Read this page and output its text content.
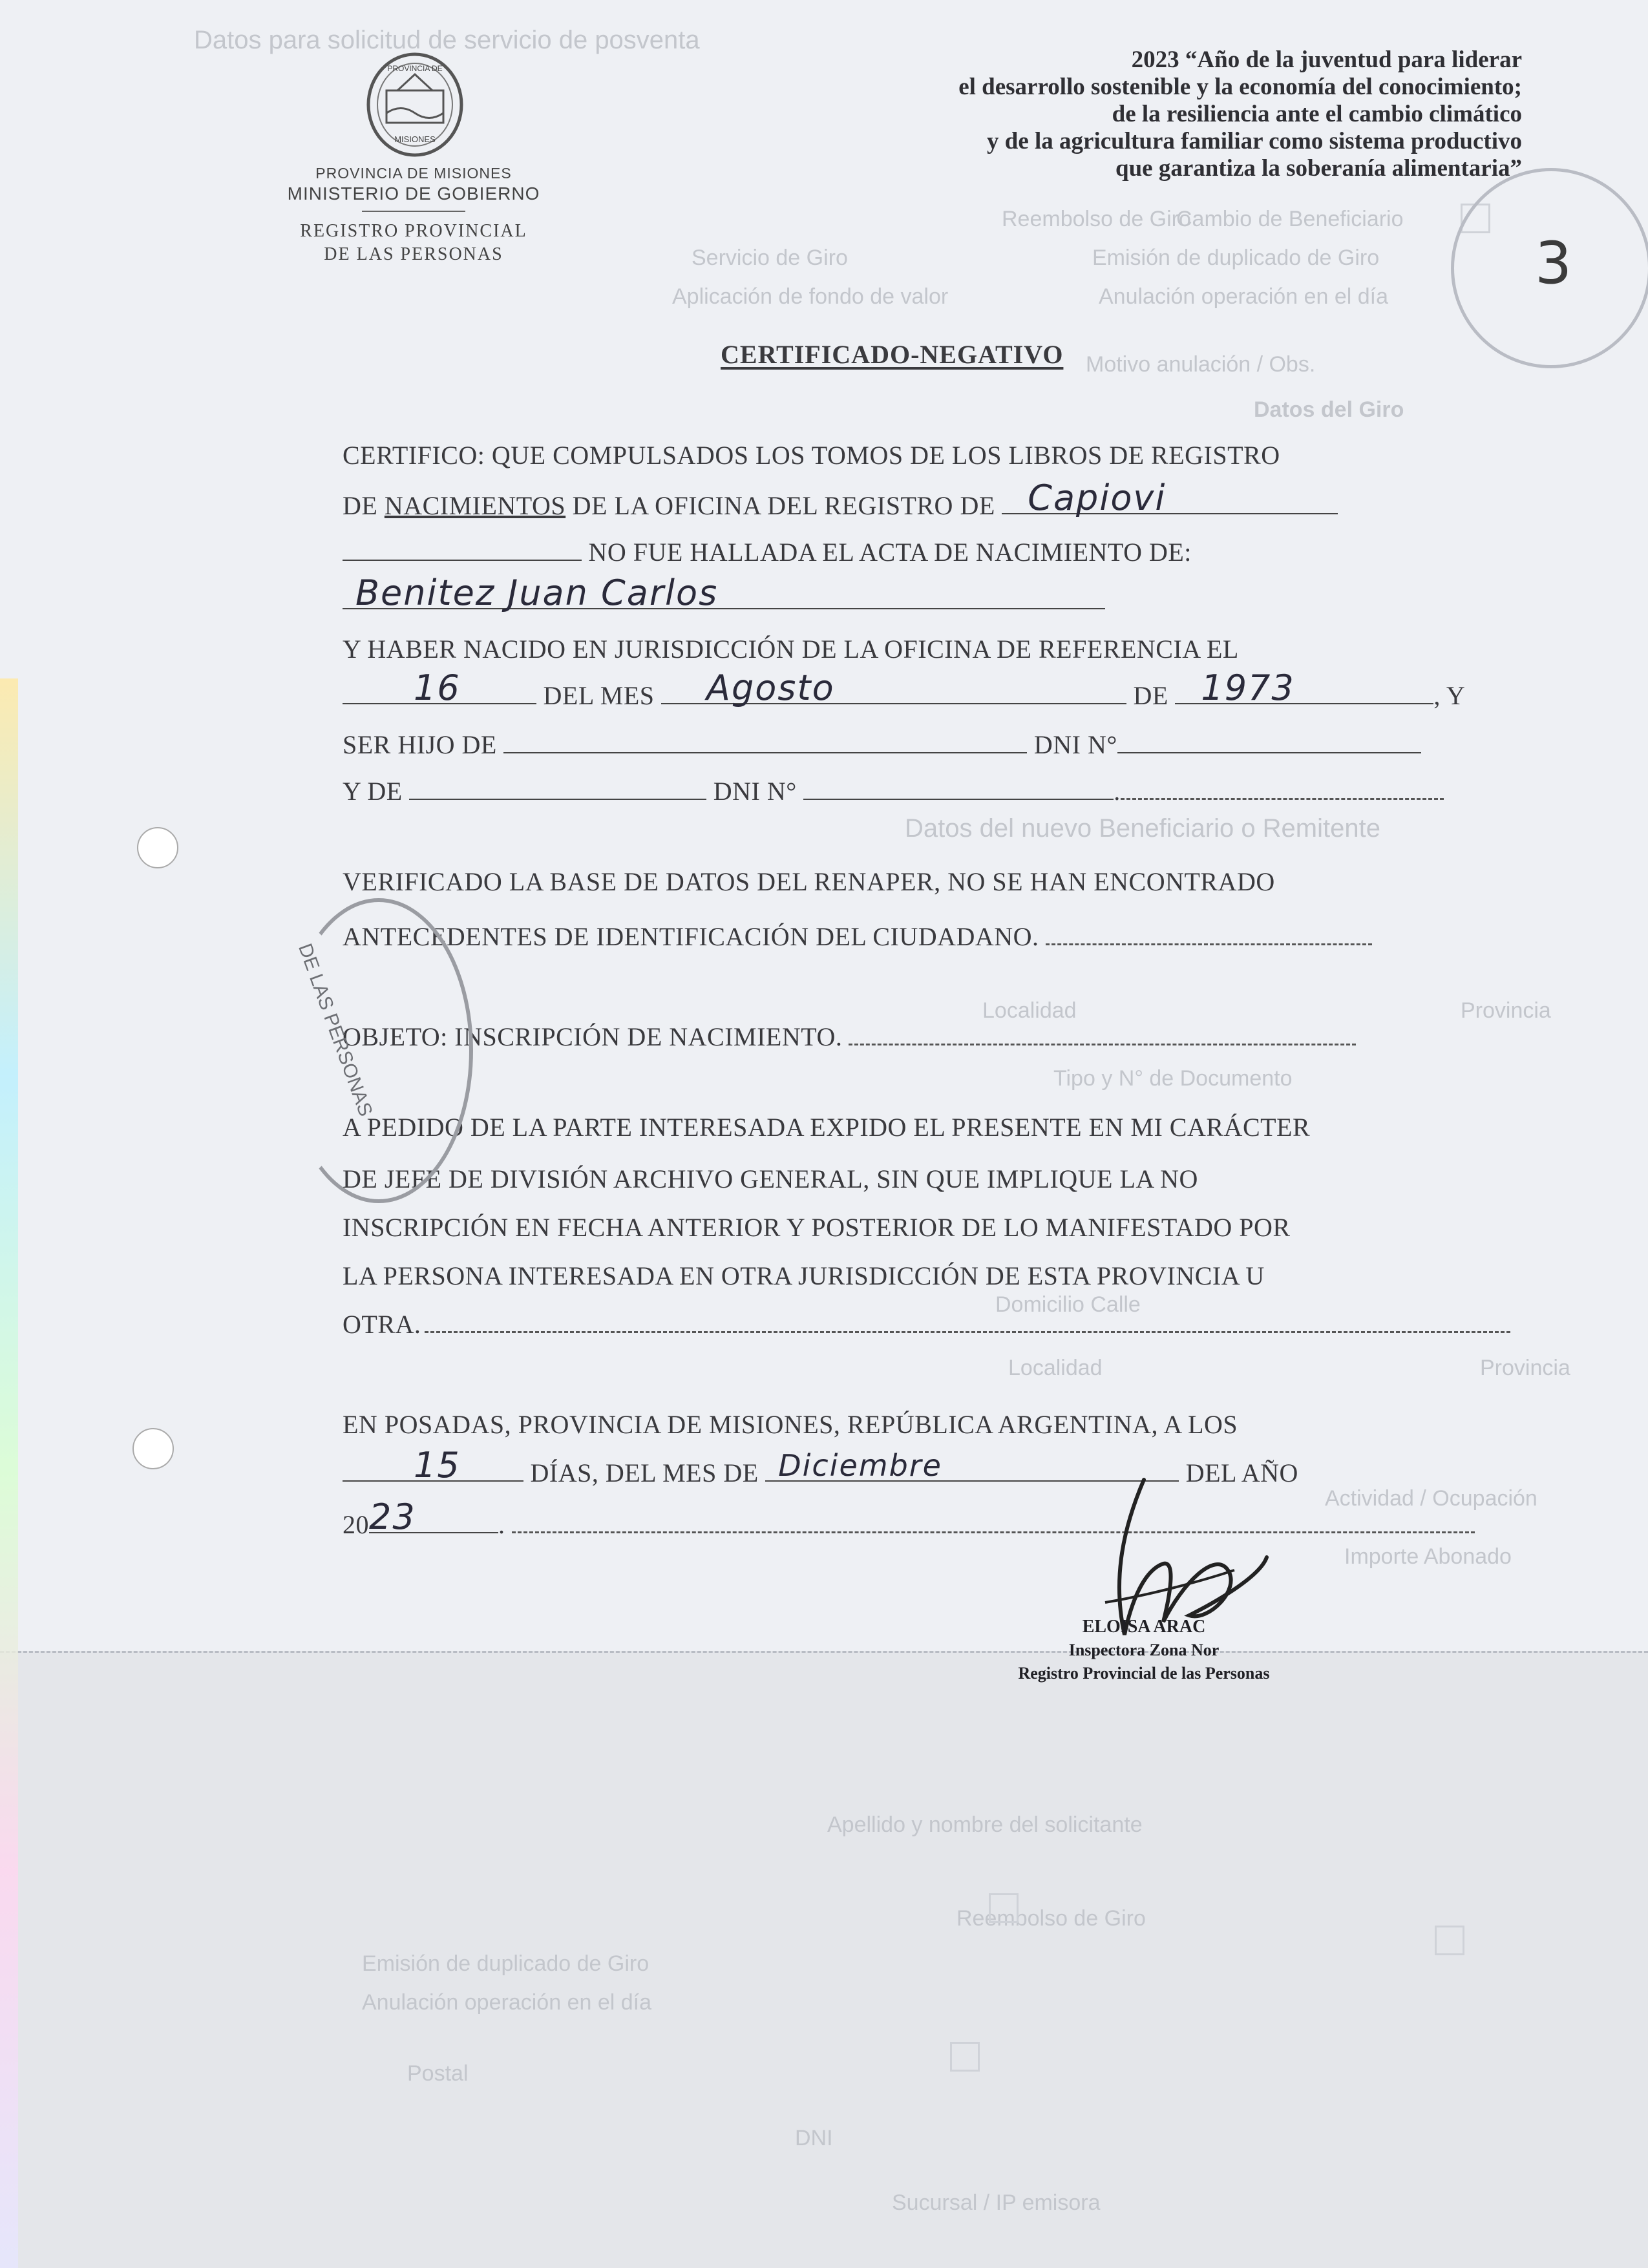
Datos para solicitud de servicio de posventa
Cambio de Beneficiario
Emisión de duplicado de Giro
Anulación operación en el día
Reembolso de Giro
Servicio de Giro
Aplicación de fondo de valor
Motivo anulación / Obs.
Datos del Giro
Datos del nuevo Beneficiario o Remitente
Localidad	Provincia
Tipo y N° de Documento
Domicilio Calle
Localidad	Provincia
Actividad / Ocupación
Importe Abonado
Apellido y nombre del solicitante
Reembolso de Giro
Emisión de duplicado de Giro
Anulación operación en el día
Postal
DNI
Sucursal / IP emisora
PROVINCIA DE
MISIONES
PROVINCIA DE MISIONES
MINISTERIO DE GOBIERNO
REGISTRO PROVINCIAL
DE LAS PERSONAS
2023 “Año de la juventud para liderar
el desarrollo sostenible y la economía del conocimiento;
de la resiliencia ante el cambio climático
y de la agricultura familiar como sistema productivo
que garantiza la soberanía alimentaria”
3
CERTIFICADO-NEGATIVO
CERTIFICO: QUE COMPULSADOS LOS TOMOS DE LOS LIBROS DE REGISTRO
DE NACIMIENTOS DE LA OFICINA DEL REGISTRO DE Capiovi
NO FUE HALLADA EL ACTA DE NACIMIENTO DE:
Benitez Juan Carlos
Y HABER NACIDO EN JURISDICCIÓN DE LA OFICINA DE REFERENCIA EL
16	DEL MES Agosto	DE 1973	, Y
SER HIJO DE	DNI N°
Y DE	DNI N°	.
VERIFICADO LA BASE DE DATOS DEL RENAPER, NO SE HAN ENCONTRADO
ANTECEDENTES DE IDENTIFICACIÓN DEL CIUDADANO.
OBJETO: INSCRIPCIÓN DE NACIMIENTO.
A PEDIDO DE LA PARTE INTERESADA EXPIDO EL PRESENTE EN MI CARÁCTER
DE JEFE DE DIVISIÓN ARCHIVO GENERAL, SIN QUE IMPLIQUE LA NO
INSCRIPCIÓN EN FECHA ANTERIOR Y POSTERIOR DE LO MANIFESTADO POR
LA PERSONA INTERESADA EN OTRA JURISDICCIÓN DE ESTA PROVINCIA U
OTRA.
EN POSADAS, PROVINCIA DE MISIONES, REPÚBLICA ARGENTINA, A LOS
15 DÍAS, DEL MES DE Diciembre	DEL AÑO
20 23	.
DE LAS PERSONAS
ELOISA ARAC
Inspectora Zona Nor
Registro Provincial de las Personas
